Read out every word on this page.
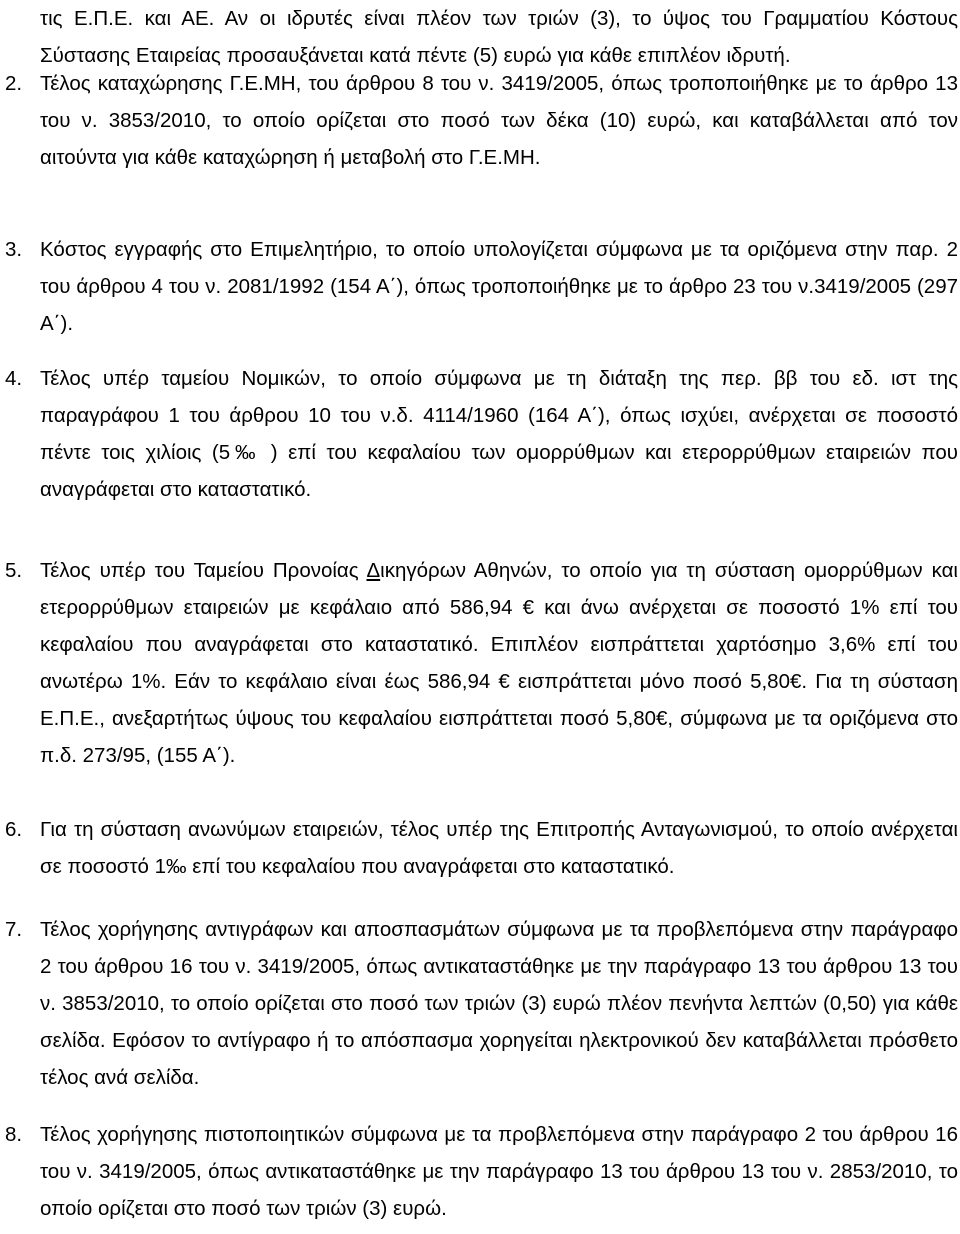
τις Ε.Π.Ε. και ΑΕ. Αν οι ιδρυτές είναι πλέον των τριών (3), το ύψος του Γραμματίου Κόστους Σύστασης Εταιρείας προσαυξάνεται κατά πέντε (5) ευρώ για κάθε επιπλέον ιδρυτή.
2. Τέλος καταχώρησης Γ.Ε.ΜΗ, του άρθρου 8 του ν. 3419/2005, όπως τροποποιήθηκε με το άρθρο 13 του ν. 3853/2010, το οποίο ορίζεται στο ποσό των δέκα (10) ευρώ, και καταβάλλεται από τον αιτούντα για κάθε καταχώρηση ή μεταβολή στο Γ.Ε.ΜΗ.
3. Κόστος εγγραφής στο Επιμελητήριο, το οποίο υπολογίζεται σύμφωνα με τα οριζόμενα στην παρ. 2 του άρθρου 4 του ν. 2081/1992 (154 Α΄), όπως τροποποιήθηκε με το άρθρο 23 του ν.3419/2005 (297 Α΄).
4. Τέλος υπέρ ταμείου Νομικών, το οποίο σύμφωνα με τη διάταξη της περ. ββ του εδ. ιστ της παραγράφου 1 του άρθρου 10 του ν.δ. 4114/1960 (164 Α΄), όπως ισχύει, ανέρχεται σε ποσοστό πέντε τοις χιλίοις (5‰ ) επί του κεφαλαίου των ομορρύθμων και ετερορρύθμων εταιρειών που αναγράφεται στο καταστατικό.
5. Τέλος υπέρ του Ταμείου Προνοίας Δικηγόρων Αθηνών, το οποίο για τη σύσταση ομορρύθμων και ετερορρύθμων εταιρειών με κεφάλαιο από 586,94 € και άνω ανέρχεται σε ποσοστό 1% επί του κεφαλαίου που αναγράφεται στο καταστατικό. Επιπλέον εισπράττεται χαρτόσημο 3,6% επί του ανωτέρω 1%. Εάν το κεφάλαιο είναι έως 586,94 € εισπράττεται μόνο ποσό 5,80€. Για τη σύσταση Ε.Π.Ε., ανεξαρτήτως ύψους του κεφαλαίου εισπράττεται ποσό 5,80€, σύμφωνα με τα οριζόμενα στο π.δ. 273/95, (155 Α΄).
6. Για τη σύσταση ανωνύμων εταιρειών, τέλος υπέρ της Επιτροπής Ανταγωνισμού, το οποίο ανέρχεται σε ποσοστό 1‰ επί του κεφαλαίου που αναγράφεται στο καταστατικό.
7. Τέλος χορήγησης αντιγράφων και αποσπασμάτων σύμφωνα με τα προβλεπόμενα στην παράγραφο 2 του άρθρου 16 του ν. 3419/2005, όπως αντικαταστάθηκε με την παράγραφο 13 του άρθρου 13 του ν. 3853/2010, το οποίο ορίζεται στο ποσό των τριών (3) ευρώ πλέον πενήντα λεπτών (0,50) για κάθε σελίδα. Εφόσον το αντίγραφο ή το απόσπασμα χορηγείται ηλεκτρονικού δεν καταβάλλεται πρόσθετο τέλος ανά σελίδα.
8. Τέλος χορήγησης πιστοποιητικών σύμφωνα με τα προβλεπόμενα στην παράγραφο 2 του άρθρου 16 του ν. 3419/2005, όπως αντικαταστάθηκε με την παράγραφο 13 του άρθρου 13 του ν. 2853/2010, το οποίο ορίζεται στο ποσό των τριών (3) ευρώ.
